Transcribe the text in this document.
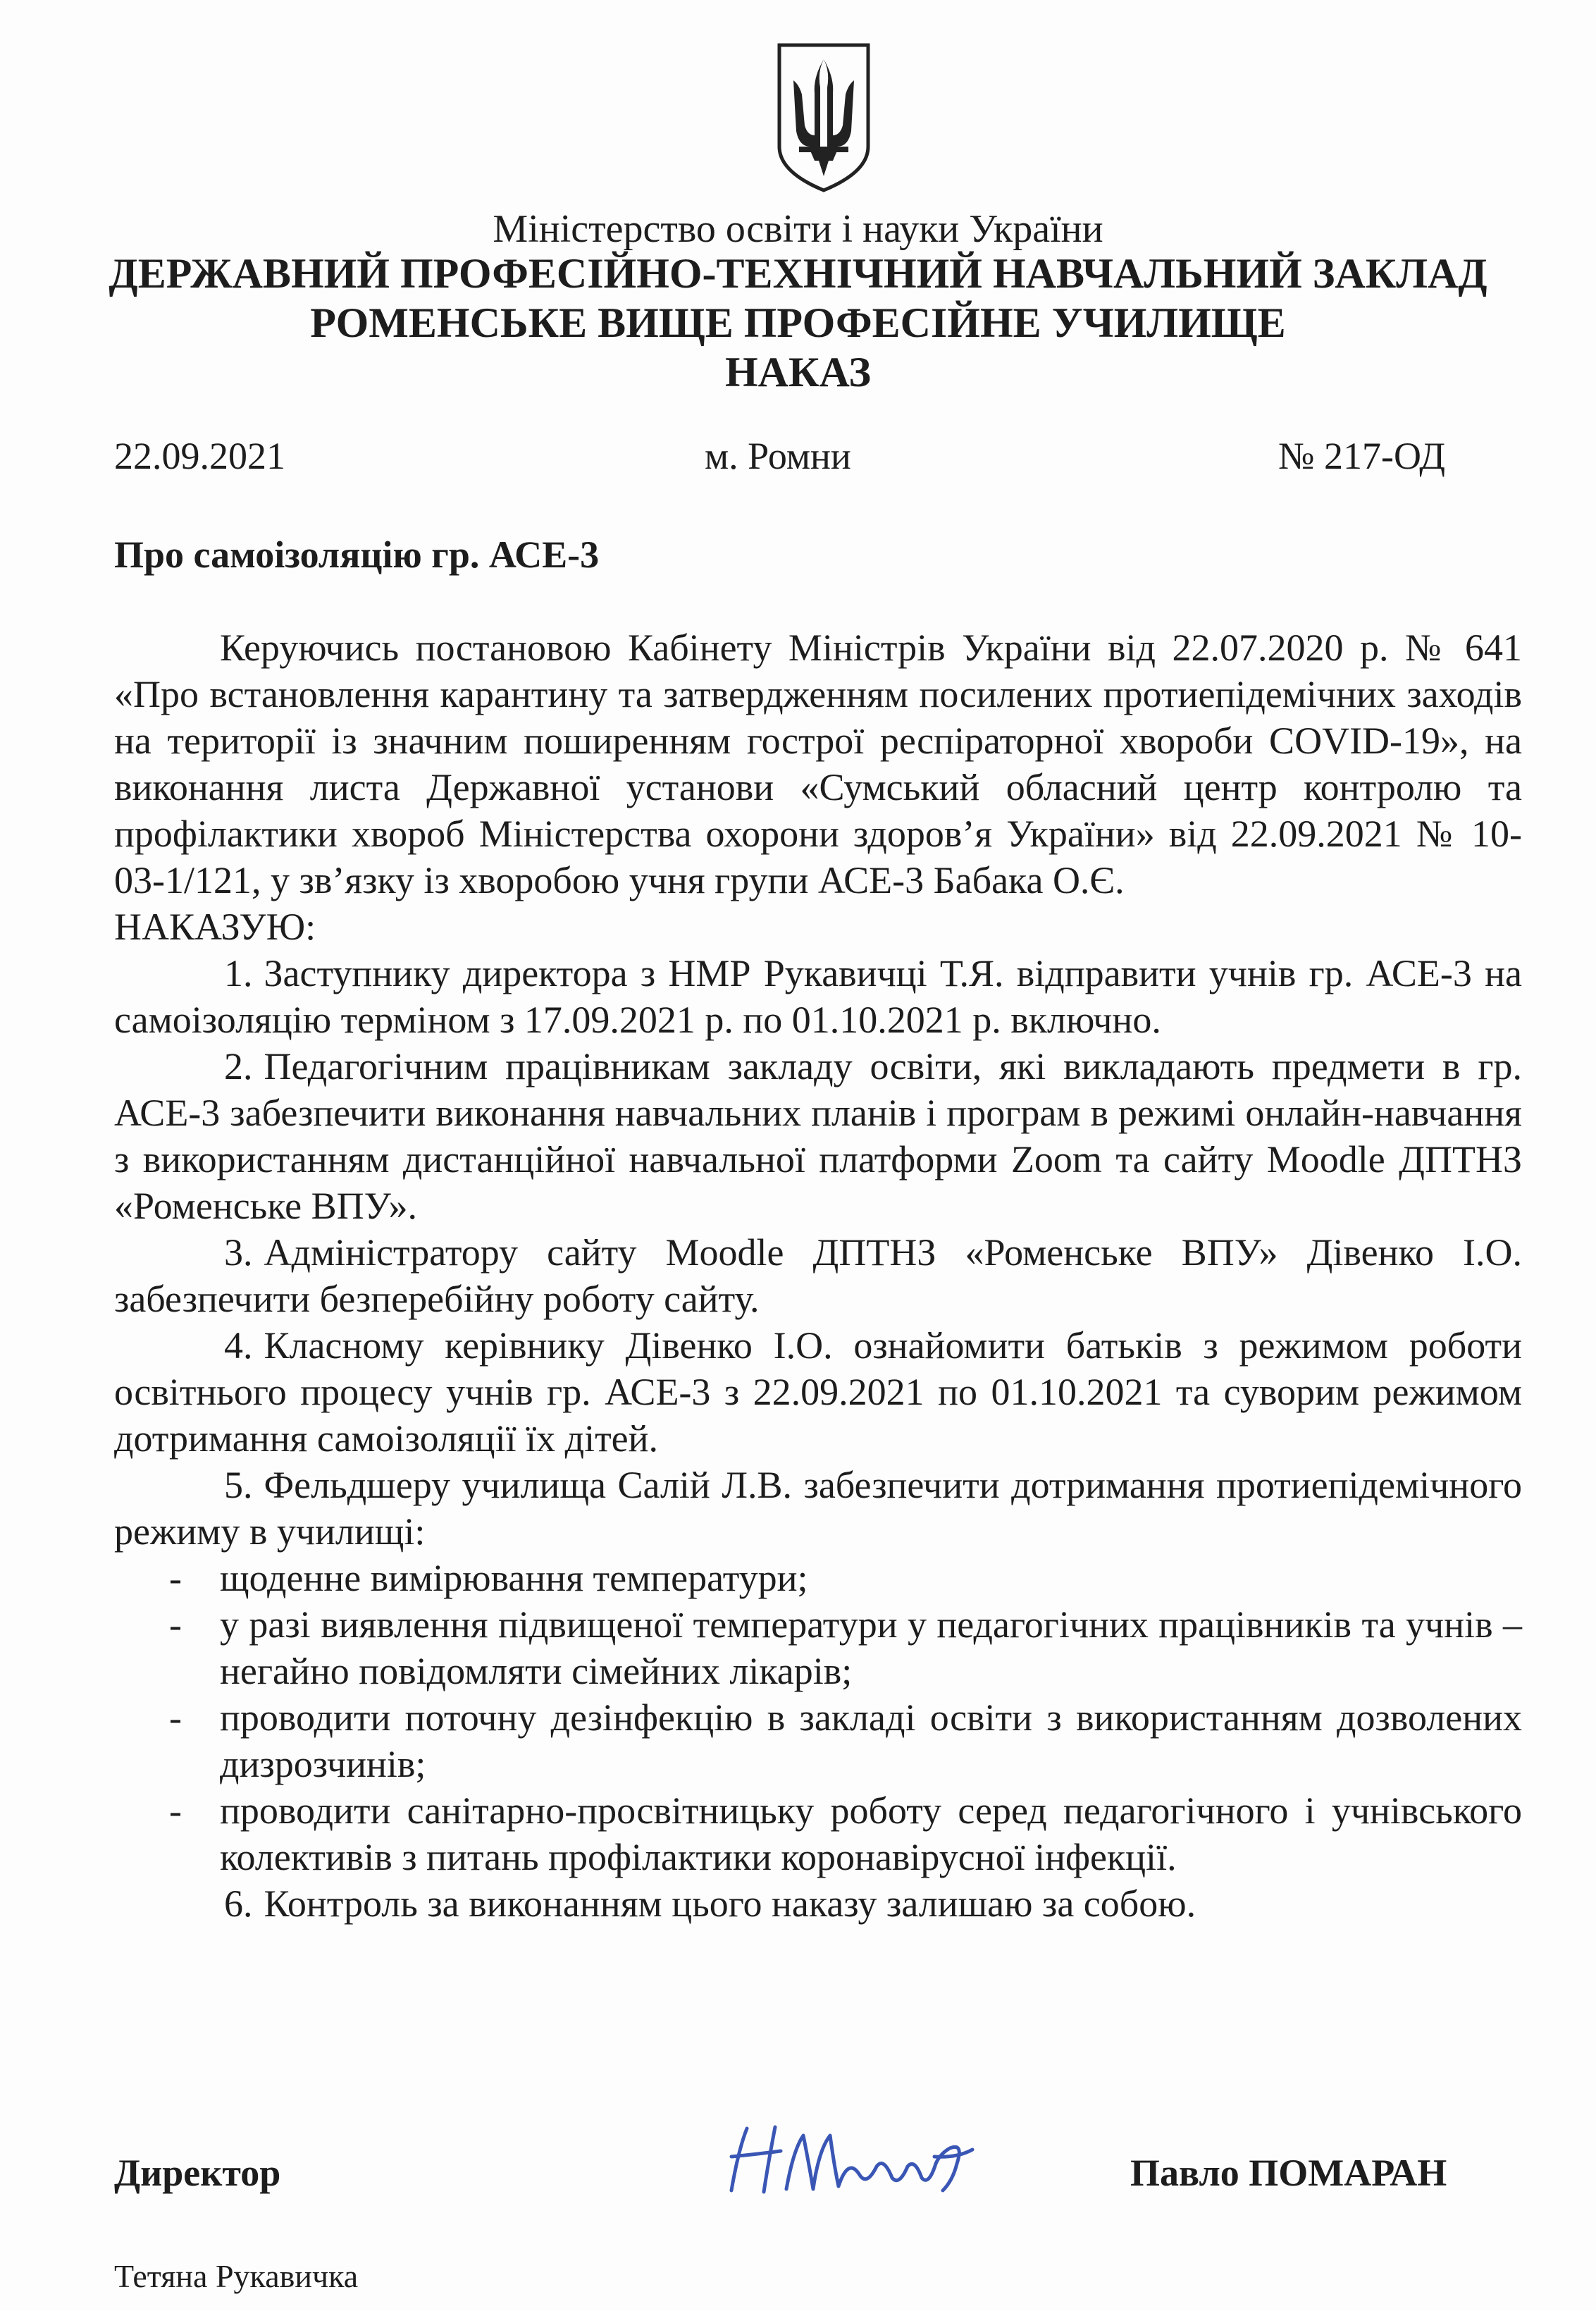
Міністерство освіти і науки України
ДЕРЖАВНИЙ ПРОФЕСІЙНО-ТЕХНІЧНИЙ НАВЧАЛЬНИЙ ЗАКЛАД
РОМЕНСЬКЕ ВИЩЕ ПРОФЕСІЙНЕ УЧИЛИЩЕ
НАКАЗ
22.09.2021	м. Ромни	№ 217-ОД
Про самоізоляцію гр. АСЕ-3

Керуючись постановою Кабінету Міністрів України від 22.07.2020 р. № 641 «Про встановлення карантину та затвердженням посилених протиепідемічних заходів на території із значним поширенням гострої респіраторної хвороби COVID-19», на виконання листа Державної установи «Сумський обласний центр контролю та профілактики хвороб Міністерства охорони здоров’я України» від 22.09.2021 № 10-03-1/121, у зв’язку із хворобою учня групи АСЕ-3 Бабака О.Є.

НАКАЗУЮ:

1. Заступнику директора з НМР Рукавичці Т.Я. відправити учнів гр. АСЕ-3 на самоізоляцію терміном з 17.09.2021 р. по 01.10.2021 р. включно.
2. Педагогічним працівникам закладу освіти, які викладають предмети в гр. АСЕ-3 забезпечити виконання навчальних планів і програм в режимі онлайн-навчання з використанням дистанційної навчальної платформи Zoom та сайту Moodle ДПТНЗ «Роменське ВПУ».
3. Адміністратору сайту Moodle ДПТНЗ «Роменське ВПУ» Дівенко І.О. забезпечити безперебійну роботу сайту.
4. Класному керівнику Дівенко І.О. ознайомити батьків з режимом роботи освітнього процесу учнів гр. АСЕ-3 з 22.09.2021 по 01.10.2021 та суворим режимом дотримання самоізоляції їх дітей.
5. Фельдшеру училища Салій Л.В. забезпечити дотримання протиепідемічного режиму в училищі:
- щоденне вимірювання температури;
- у разі виявлення підвищеної температури у педагогічних працівників та учнів – негайно повідомляти сімейних лікарів;
- проводити поточну дезінфекцію в закладі освіти з використанням дозволених дизрозчинів;
- проводити санітарно-просвітницьку роботу серед педагогічного і учнівського колективів з питань профілактики коронавірусної інфекції.
6. Контроль за виконанням цього наказу залишаю за собою.
Директор	Павло ПОМАРАН
Тетяна Рукавичка
